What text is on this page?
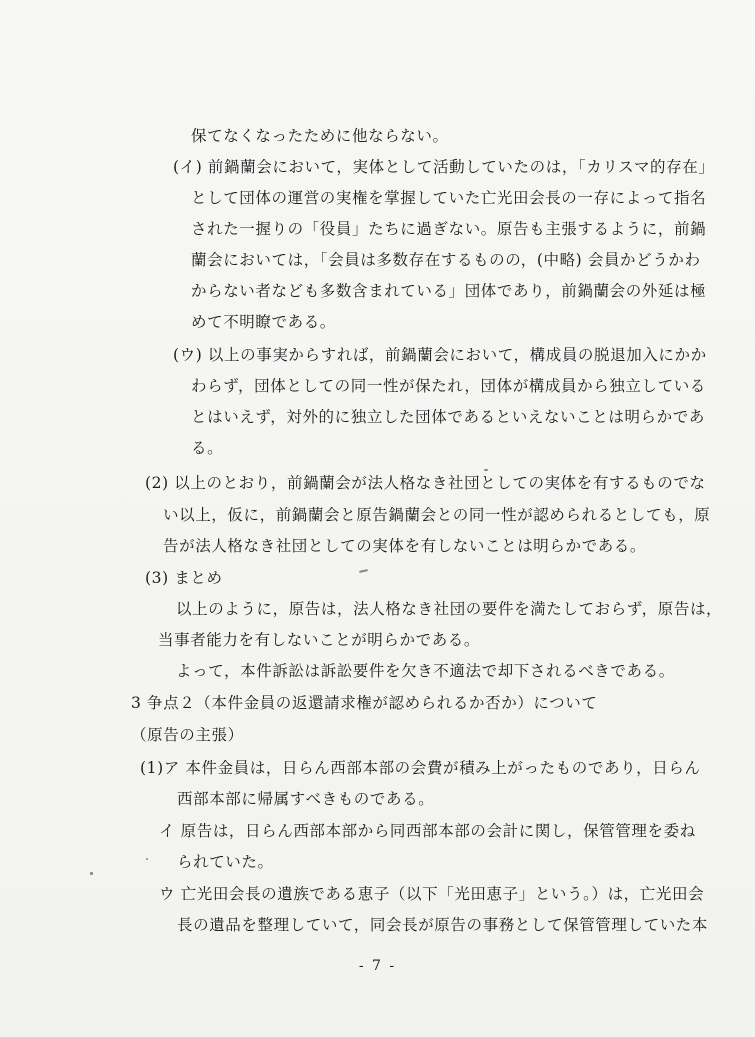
保てなくなったために他ならない。
(イ) 前鍋蘭会において，実体として活動していたのは，「カリスマ的存在」
として団体の運営の実権を掌握していた亡光田会長の一存によって指名
された一握りの「役員」たちに過ぎない。原告も主張するように，前鍋
蘭会においては，「会員は多数存在するものの，(中略) 会員かどうかわ
からない者なども多数含まれている」団体であり，前鍋蘭会の外延は極
めて不明瞭である。
(ウ) 以上の事実からすれば，前鍋蘭会において，構成員の脱退加入にかか
わらず，団体としての同一性が保たれ，団体が構成員から独立している
とはいえず，対外的に独立した団体であるといえないことは明らかであ
る。
(2) 以上のとおり，前鍋蘭会が法人格なき社団としての実体を有するものでな
い以上，仮に，前鍋蘭会と原告鍋蘭会との同一性が認められるとしても，原
告が法人格なき社団としての実体を有しないことは明らかである。
(3) まとめ
以上のように，原告は，法人格なき社団の要件を満たしておらず，原告は，
当事者能力を有しないことが明らかである。
よって，本件訴訟は訴訟要件を欠き不適法で却下されるべきである。
3 争点２（本件金員の返還請求権が認められるか否か）について
（原告の主張）
(1)ア 本件金員は，日らん西部本部の会費が積み上がったものであり，日らん
西部本部に帰属すべきものである。
イ 原告は，日らん西部本部から同西部本部の会計に関し，保管管理を委ね
られていた。
ウ 亡光田会長の遺族である恵子（以下「光田恵子」という。）は，亡光田会
長の遺品を整理していて，同会長が原告の事務として保管管理していた本
- 7 -
